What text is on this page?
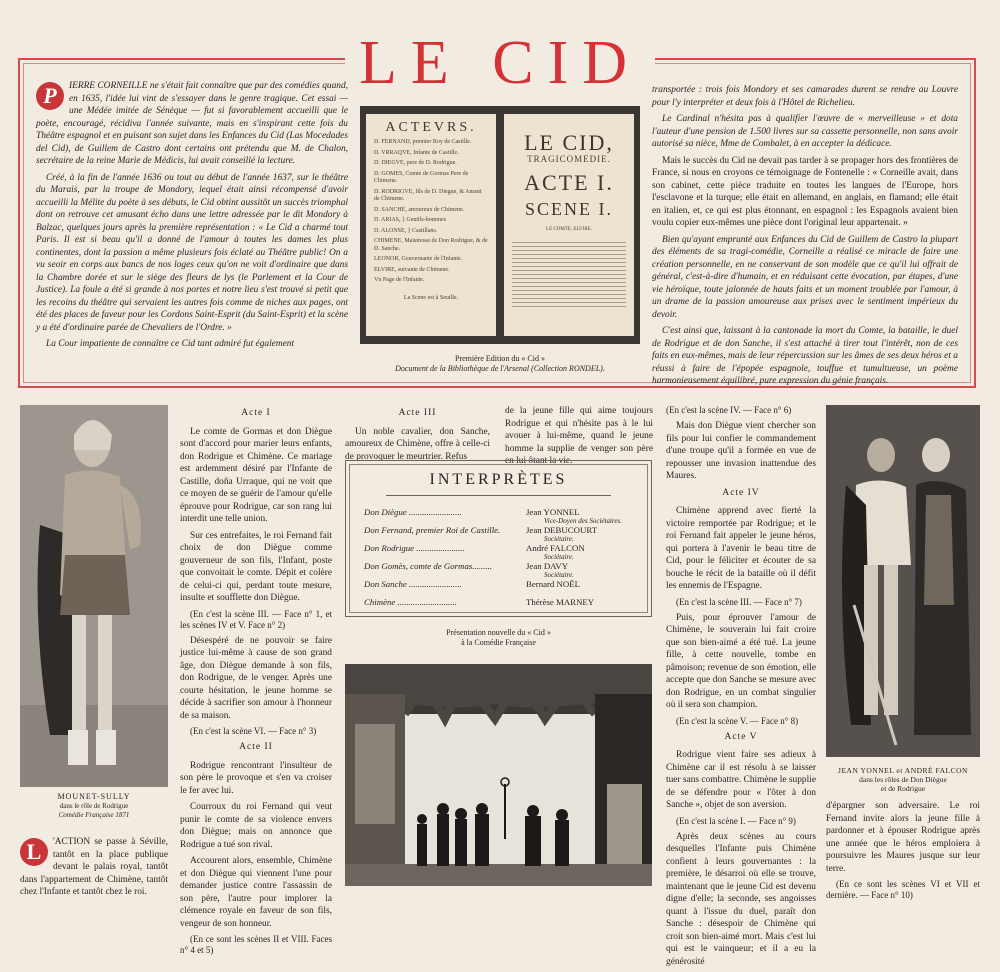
LE CID

P	IERRE CORNEILLE ne s'était fait connaître que par des comédies quand, en 1635, l'idée lui vint de s'essayer dans le genre tragique. Cet essai — une Médée imitée de Sénèque — fut si favorablement accueilli que le poète, encouragé, récidiva l'année suivante, mais en s'inspirant cette fois du Théâtre espagnol et en puisant son sujet dans les Enfances du Cid (Las Mocedades del Cid), de Guillem de Castro dont certains ont prétendu que M. de Chalon, secrétaire de la reine Marie de Médicis, lui avait conseillé la lecture.

Créé, à la fin de l'année 1636 ou tout au début de l'année 1637, sur le théâtre du Marais, par la troupe de Mondory, lequel était ainsi récompensé d'avoir accueilli la Mélite du poète à ses débuts, le Cid obtint aussitôt un succès triomphal dont on retrouve cet amusant écho dans une lettre adressée par le dit Mondory à Balzac, quelques jours après la première représentation : « Le Cid a charmé tout Paris. Il est si beau qu'il a donné de l'amour à toutes les dames les plus continentes, dont la passion a même plusieurs fois éclaté au Théâtre public! On a vu seoir en corps aux bancs de nos loges ceux qu'on ne voit d'ordinaire que dans la Chambre dorée et sur le siège des fleurs de lys (le Parlement et la Cour de Justice). La foule a été si grande à nos portes et notre lieu s'est trouvé si petit que les recoins du théâtre qui servaient les autres fois comme de niches aux pages, ont été des places de faveur pour les Cordons Saint-Esprit (du Saint-Esprit) et la scène y a été d'ordinaire parée de Chevaliers de l'Ordre. »

La Cour impatiente de connaître ce Cid tant admiré fut également

ACTEVRS.
D. FERNAND, premier Roy de Castille.
D. VRRAQVE, Infante de Castille.
D. DIEGVE, pere de D. Rodrigue.
D. GOMES, Comte de Gormas Pere de Chimene.
D. RODRIGVE, fils de D. Diegue, & Amant de Chimene.
D. SANCHE, amoureux de Chimene.
D. ARIAS, } Gentils-hommes
D. ALONSE, } Castillans.
CHIMENE, Maistresse de Don Rodrigue, & de D. Sanche.
LEONOR, Gouvernante de l'Infante.
ELVIRE, suivante de Chimene.
Vn Page de l'Infante.
La Scene est à Seuille.
LE CID,
TRAGICOMEDIE.
ACTE I.
SCENE I.
LE COMTE, ELVIRE.
Première Edition du « Cid »
Document de la Bibliothèque de l'Arsenal (Collection RONDEL).

transportée : trois fois Mondory et ses camarades durent se rendre au Louvre pour l'y interpréter et deux fois à l'Hôtel de Richelieu.

Le Cardinal n'hésita pas à qualifier l'œuvre de « merveilleuse » et dota l'auteur d'une pension de 1.500 livres sur sa cassette personnelle, non sans avoir autorisé sa nièce, Mme de Combalet, à en accepter la dédicace.

Mais le succès du Cid ne devait pas tarder à se propager hors des frontières de France, si nous en croyons ce témoignage de Fontenelle : « Corneille avait, dans son cabinet, cette pièce traduite en toutes les langues de l'Europe, hors l'esclavone et la turque; elle était en allemand, en anglais, en flamand; elle était en italien, et, ce qui est plus étonnant, en espagnol : les Espagnols avaient bien voulu copier eux-mêmes une pièce dont l'original leur appartenait. »

Bien qu'ayant emprunté aux Enfances du Cid de Guillem de Castro la plupart des éléments de sa tragi-comédie, Corneille a réalisé ce miracle de faire une création personnelle, en ne conservant de son modèle que ce qu'il lui offrait de général, c'est-à-dire d'humain, et en réduisant cette évocation, par étapes, d'une vie héroïque, toute jalonnée de hauts faits et un moment troublée par l'amour, à un drame de la passion amoureuse aux prises avec le sentiment impérieux du devoir.

C'est ainsi que, laissant à la cantonade la mort du Comte, la bataille, le duel de Rodrigue et de don Sanche, il s'est attaché à tirer tout l'intérêt, non de ces faits en eux-mêmes, mais de leur répercussion sur les âmes de ses deux héros et a réussi à faire de l'épopée espagnole, touffue et tumultueuse, un poème harmonieusement équilibré, pure expression du génie français.

MOUNET-SULLY
dans le rôle de Rodrigue
Comédie Française 1871

L	'ACTION se passe à Séville, tantôt en la place publique devant le palais royal, tantôt dans l'appartement de Chimène, tantôt chez l'Infante et tantôt chez le roi.

Acte I

Le comte de Gormas et don Diègue sont d'accord pour marier leurs enfants, don Rodrigue et Chimène. Ce mariage est ardemment désiré par l'Infante de Castille, doña Urraque, qui ne voit que ce moyen de se guérir de l'amour qu'elle éprouve pour Rodrigue, car son rang lui interdit une telle union.

Sur ces entrefaites, le roi Fernand fait choix de don Diègue comme gouverneur de son fils, l'Infant, poste que convoitait le comte. Dépit et colère de celui-ci qui, perdant toute mesure, insulte et soufflette don Diègue.

(En c'est la scène III. — Face n° 1, et les scènes IV et V. Face n° 2)

Désespéré de ne pouvoir se faire justice lui-même à cause de son grand âge, don Diègue demande à son fils, don Rodrigue, de le venger. Après une courte hésitation, le jeune homme se décide à sacrifier son amour à l'honneur de sa maison.

(En c'est la scène VI. — Face n° 3)

Acte II

Rodrigue rencontrant l'insulteur de son père le provoque et s'en va croiser le fer avec lui.

Courroux du roi Fernand qui veut punir le comte de sa violence envers don Diègue; mais on annonce que Rodrigue a tué son rival.

Accourent alors, ensemble, Chimène et don Diègue qui viennent l'une pour demander justice contre l'assassin de son père, l'autre pour implorer la clémence royale en faveur de son fils, vengeur de son honneur.

(En ce sont les scènes II et VIII. Faces n° 4 et 5)

Acte III

Un noble cavalier, don Sanche, amoureux de Chimène, offre à celle-ci de provoquer le meurtrier. Refus

de la jeune fille qui aime toujours Rodrigue et qui n'hésite pas à le lui avouer à lui-même, quand le jeune homme la supplie de venger son père en lui ôtant la vie.

INTERPRÈTES
Don Diègue ........................	Jean YONNEL
Vice-Doyen des Sociétaires.
Don Fernand, premier Roi de Castille.	Jean DEBUCOURT
Sociétaire.
Don Rodrigue ......................	André FALCON
Sociétaire.
Don Gomès, comte de Gormas.........	Jean DAVY
Sociétaire.
Don Sanche ........................	Bernard NOËL
Chimène ...........................	Thérèse MARNEY
Présentation nouvelle du « Cid »
à la Comédie Française

(En c'est la scène IV. — Face n° 6)

Mais don Diègue vient chercher son fils pour lui confier le commandement d'une troupe qu'il a formée en vue de repousser une invasion inattendue des Maures.

Acte IV

Chimène apprend avec fierté la victoire remportée par Rodrigue; et le roi Fernand fait appeler le jeune héros, qui portera à l'avenir le beau titre de Cid, pour le féliciter et écouter de sa bouche le récit de la bataille où il défit les ennemis de l'Espagne.

(En c'est la scène III. — Face n° 7)

Puis, pour éprouver l'amour de Chimène, le souverain lui fait croire que son bien-aimé a été tué. La jeune fille, à cette nouvelle, tombe en pâmoison; revenue de son émotion, elle accepte que don Sanche se mesure avec don Rodrigue, en un combat singulier où il sera son champion.

(En c'est la scène V. — Face n° 8)

Acte V

Rodrigue vient faire ses adieux à Chimène car il est résolu à se laisser tuer sans combattre. Chimène le supplie de se défendre pour « l'ôter à don Sanche », objet de son aversion.

(En c'est la scène I. — Face n° 9)

Après deux scènes au cours desquelles l'Infante puis Chimène confient à leurs gouvernantes : la première, le désarroi où elle se trouve, maintenant que le jeune Cid est devenu digne d'elle; la seconde, ses angoisses quant à l'issue du duel, paraît don Sanche : désespoir de Chimène qui croit son bien-aimé mort. Mais c'est lui qui est le vainqueur; et il a eu la générosité

JEAN YONNEL et ANDRÉ FALCON
dans les rôles de Don Diègue
et de Rodrigue

d'épargner son adversaire. Le roi Fernand invite alors la jeune fille à pardonner et à épouser Rodrigue après une année que le héros emploiera à poursuivre les Maures jusque sur leur terre.

(En ce sont les scènes VI et VII et dernière. — Face n° 10)
